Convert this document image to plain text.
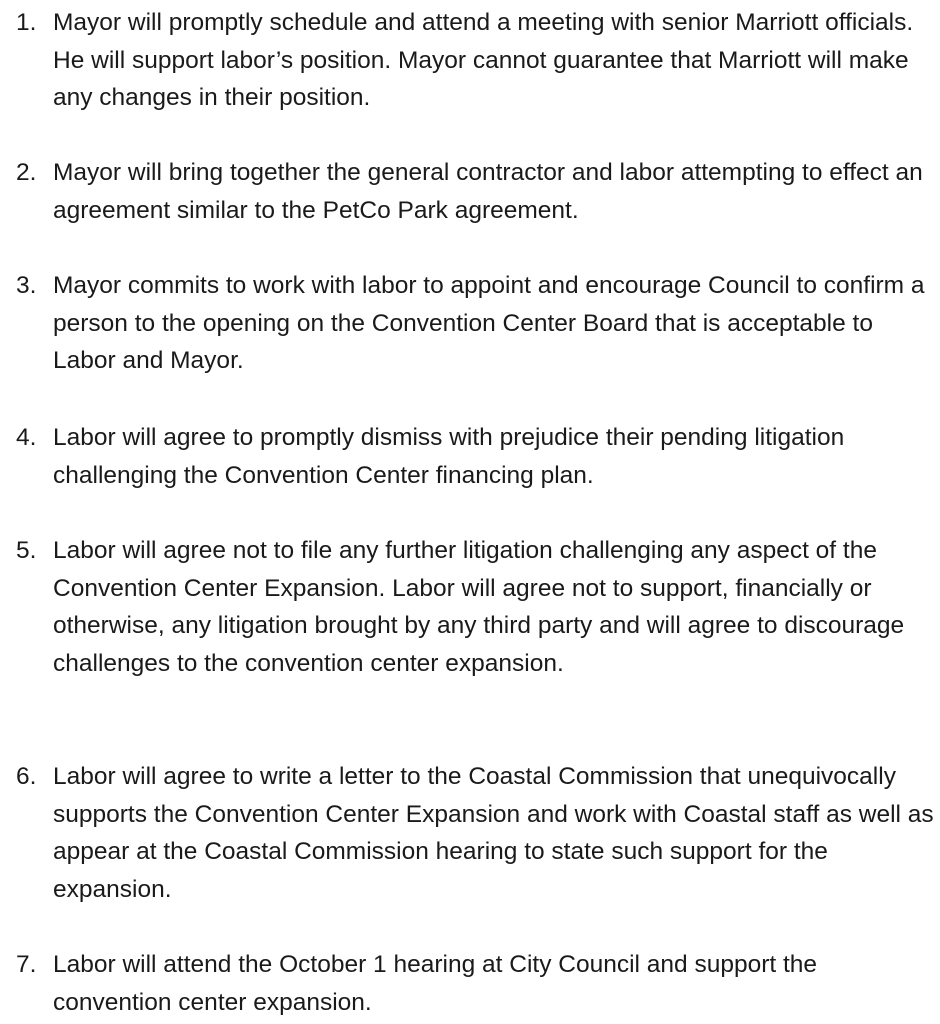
1. Mayor will promptly schedule and attend a meeting with senior Marriott officials. He will support labor’s position. Mayor cannot guarantee that Marriott will make any changes in their position.
2. Mayor will bring together the general contractor and labor attempting to effect an agreement similar to the PetCo Park agreement.
3. Mayor commits to work with labor to appoint and encourage Council to confirm a person to the opening on the Convention Center Board that is acceptable to Labor and Mayor.
4. Labor will agree to promptly dismiss with prejudice their pending litigation challenging the Convention Center financing plan.
5. Labor will agree not to file any further litigation challenging any aspect of the Convention Center Expansion. Labor will agree not to support, financially or otherwise, any litigation brought by any third party and will agree to discourage challenges to the convention center expansion.
6. Labor will agree to write a letter to the Coastal Commission that unequivocally supports the Convention Center Expansion and work with Coastal staff as well as appear at the Coastal Commission hearing to state such support for the expansion.
7. Labor will attend the October 1 hearing at City Council and support the convention center expansion.
